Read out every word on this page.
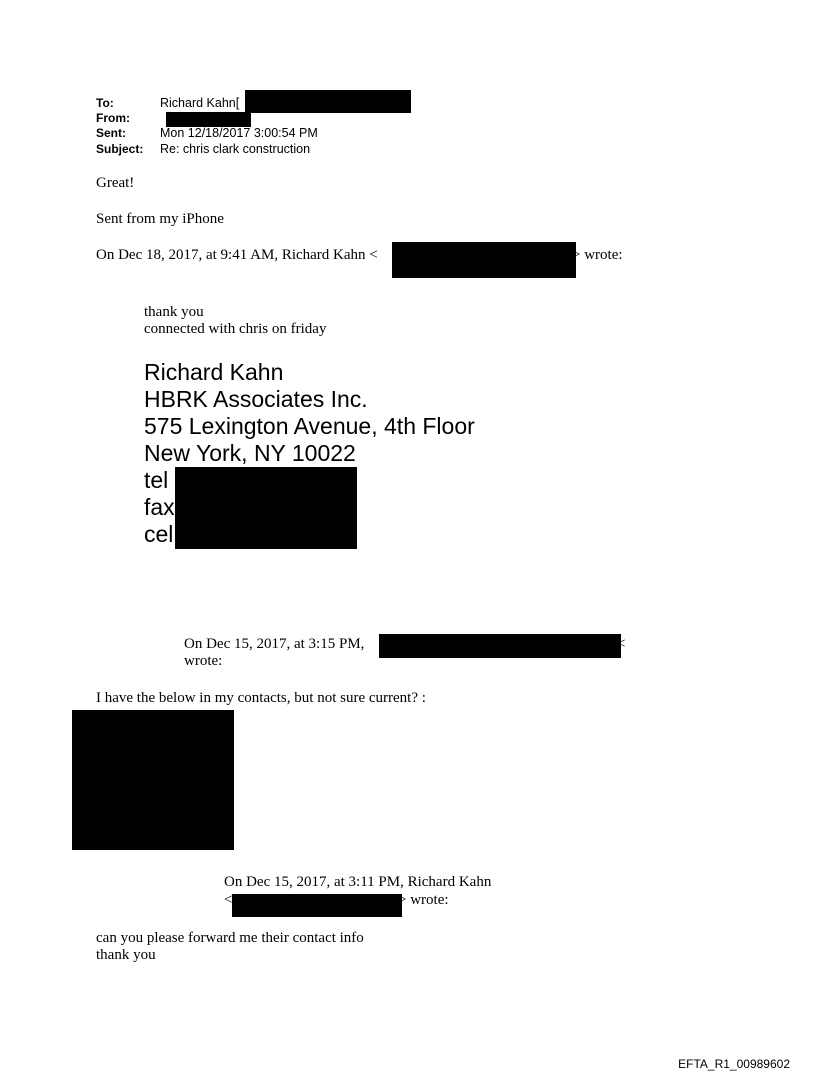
To:	Richard Kahn[
From:
Sent:	Mon 12/18/2017 3:00:54 PM
Subject: Re: chris clark construction
Great!
Sent from my iPhone
On Dec 18, 2017, at 9:41 AM, Richard Kahn <	> wrote:
thank you
connected with chris on friday
Richard Kahn
HBRK Associates Inc.
575 Lexington Avenue, 4th Floor
New York, NY 10022
tel
fax
cel
On Dec 15, 2017, at 3:15 PM,	<
wrote:
I have the below in my contacts, but not sure current? :
On Dec 15, 2017, at 3:11 PM, Richard Kahn
<	> wrote:
can you please forward me their contact info
thank you
EFTA_R1_00989602
